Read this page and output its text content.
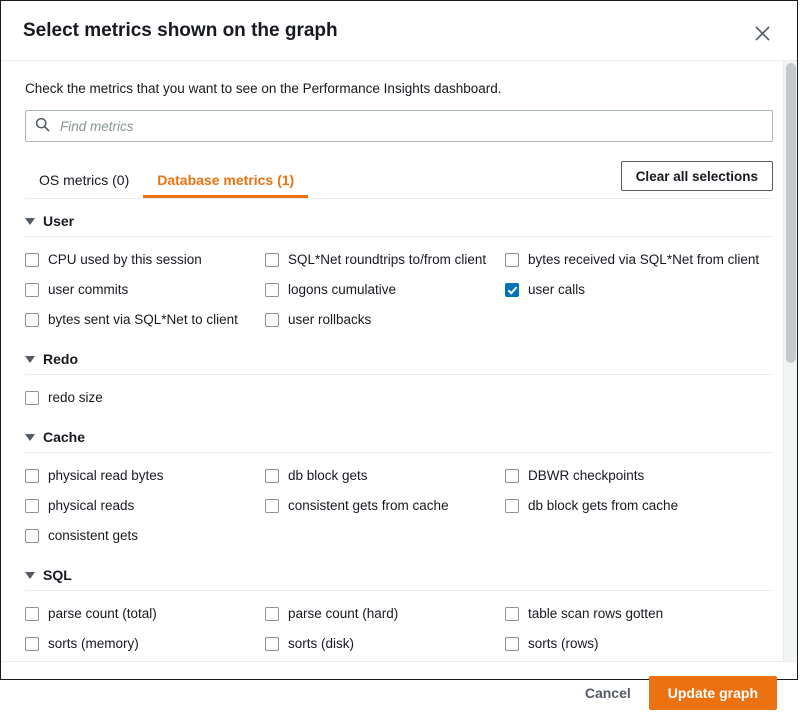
Select metrics shown on the graph
Check the metrics that you want to see on the Performance Insights dashboard.
Find metrics
OS metrics (0)	Database metrics (1)	Clear all selections
User
CPU used by this session	SQL*Net roundtrips to/from client	bytes received via SQL*Net from client
user commits	logons cumulative	user calls
bytes sent via SQL*Net to client	user rollbacks
Redo
redo size
Cache
physical read bytes	db block gets	DBWR checkpoints
physical reads	consistent gets from cache	db block gets from cache
consistent gets
SQL
parse count (total)	parse count (hard)	table scan rows gotten
sorts (memory)	sorts (disk)	sorts (rows)
Cancel	Update graph
